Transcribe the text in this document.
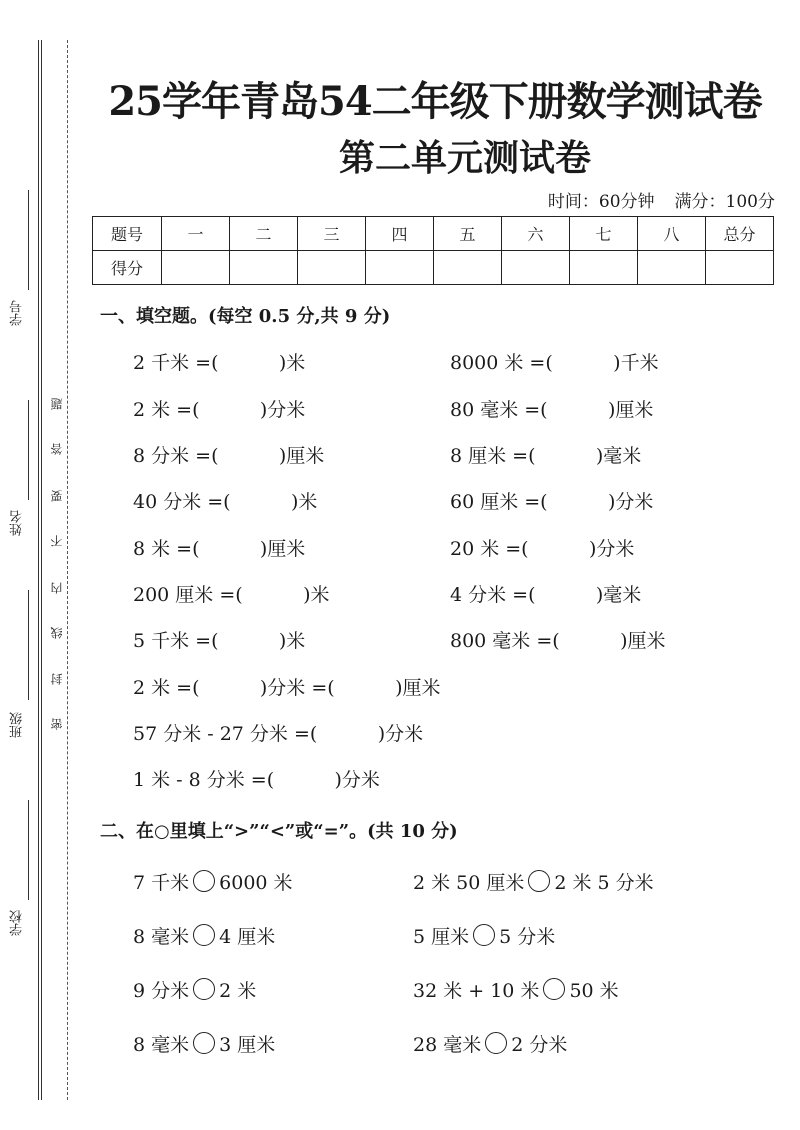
学号
姓名
班级
学校
题
答
要
不
内
线
封
密
25学年青岛54二年级下册数学测试卷
第二单元测试卷
时间：60分钟 满分：100分
题号	一	二	三	四	五	六	七	八	总分
得分									
一、填空题。(每空 0.5 分,共 9 分)
2 千米 =(          )米	8000 米 =(          )千米
2 米 =(          )分米	80 毫米 =(          )厘米
8 分米 =(          )厘米	8 厘米 =(          )毫米
40 分米 =(          )米	60 厘米 =(          )分米
8 米 =(          )厘米	20 米 =(          )分米
200 厘米 =(          )米	4 分米 =(          )毫米
5 千米 =(          )米	800 毫米 =(          )厘米
2 米 =(          )分米 =(          )厘米
57 分米 - 27 分米 =(          )分米
1 米 - 8 分米 =(          )分米
二、在○里填上“>”“<”或“=”。(共 10 分)
7 千米 6000 米	2 米 50 厘米 2 米 5 分米
8 毫米 4 厘米	5 厘米 5 分米
9 分米 2 米	32 米 + 10 米 50 米
8 毫米 3 厘米	28 毫米 2 分米
